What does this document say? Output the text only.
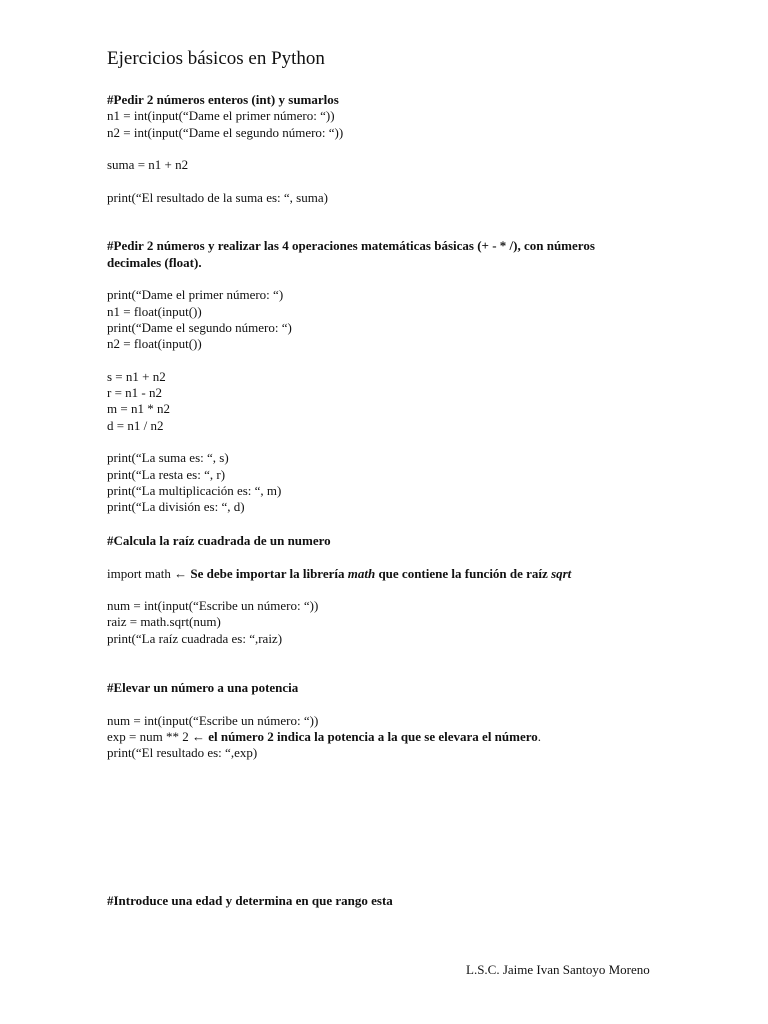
Ejercicios básicos en Python
#Pedir 2 números enteros (int) y sumarlos
n1 = int(input(“Dame el primer número: “))
n2 = int(input(“Dame el segundo número: “))
suma = n1 + n2
print(“El resultado de la suma es: “, suma)
#Pedir 2 números y realizar las 4 operaciones matemáticas básicas (+ - * /), con números decimales (float).
print(“Dame el primer número: “)
n1 = float(input())
print(“Dame el segundo número: “)
n2 = float(input())
s = n1 + n2
r = n1 - n2
m = n1 * n2
d = n1 / n2
print(“La suma es: “, s)
print(“La resta es: “, r)
print(“La multiplicación es: “, m)
print(“La división es: “, d)
#Calcula la raíz cuadrada de un numero
import math ← Se debe importar la librería math que contiene la función de raíz sqrt
num = int(input(“Escribe un número: “))
raiz = math.sqrt(num)
print(“La raíz cuadrada es: “,raiz)
#Elevar un número a una potencia
num = int(input(“Escribe un número: “))
exp = num ** 2 ← el número 2 indica la potencia a la que se elevara el número.
print(“El resultado es: “,exp)
#Introduce una edad y determina en que rango esta
L.S.C. Jaime Ivan Santoyo Moreno
